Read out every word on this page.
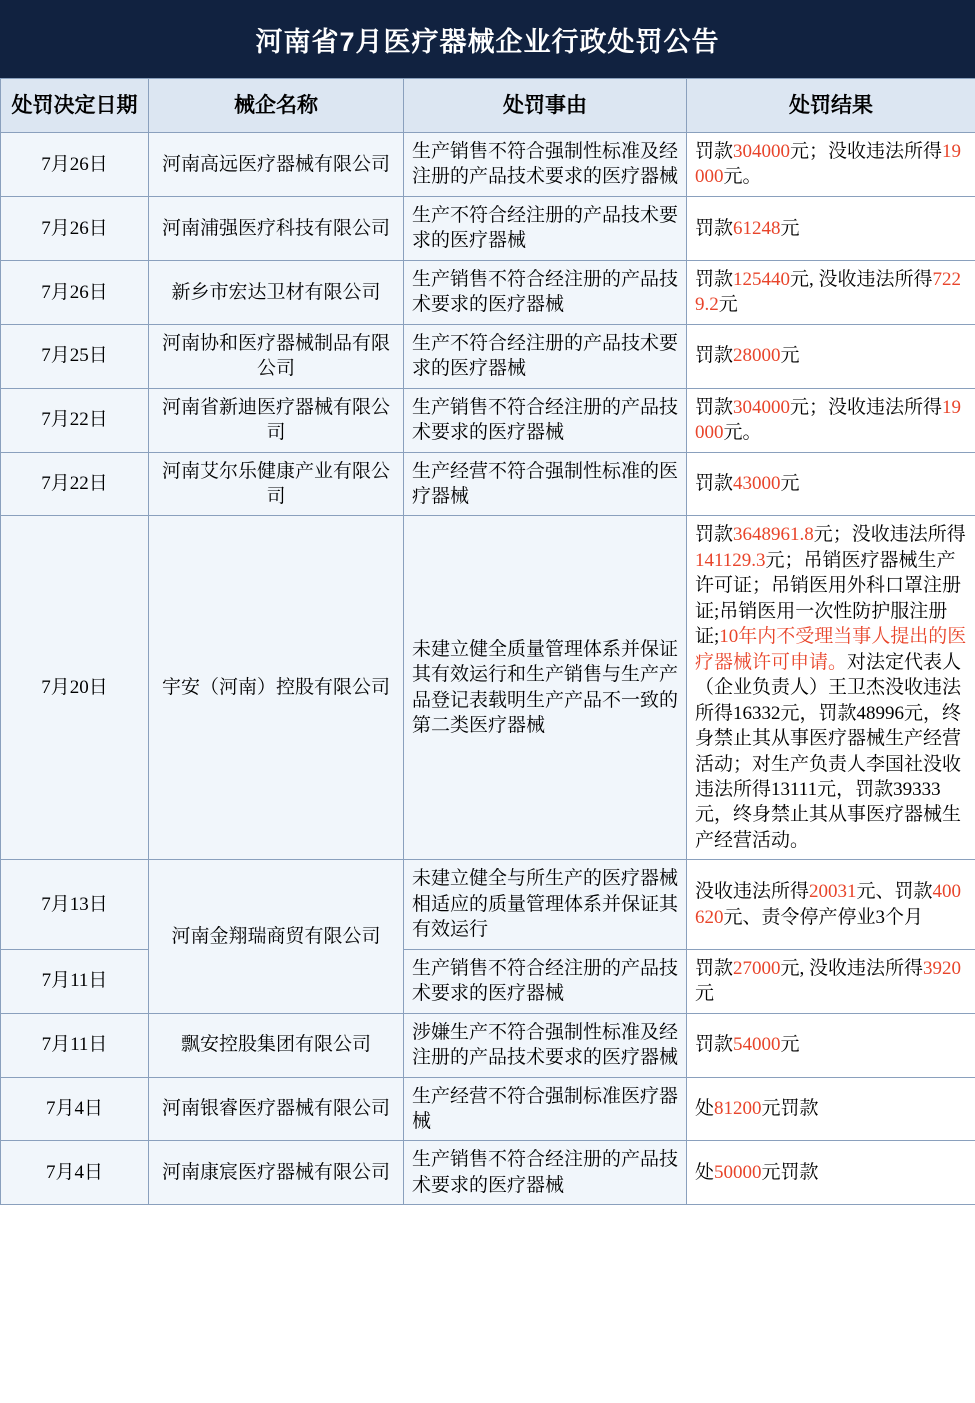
河南省7月医疗器械企业行政处罚公告
处罚决定日期	械企名称	处罚事由	处罚结果
7月26日	河南高远医疗器械有限公司	生产销售不符合强制性标准及经注册的产品技术要求的医疗器械	罚款304000元；没收违法所得19000元。
7月26日	河南浦强医疗科技有限公司	生产不符合经注册的产品技术要求的医疗器械	罚款61248元
7月26日	新乡市宏达卫材有限公司	生产销售不符合经注册的产品技术要求的医疗器械	罚款125440元, 没收违法所得7229.2元
7月25日	河南协和医疗器械制品有限公司	生产不符合经注册的产品技术要求的医疗器械	罚款28000元
7月22日	河南省新迪医疗器械有限公司	生产销售不符合经注册的产品技术要求的医疗器械	罚款304000元；没收违法所得19000元。
7月22日	河南艾尔乐健康产业有限公司	生产经营不符合强制性标准的医疗器械	罚款43000元
7月20日	宇安（河南）控股有限公司	未建立健全质量管理体系并保证其有效运行和生产销售与生产产品登记表载明生产产品不一致的第二类医疗器械	罚款3648961.8元；没收违法所得141129.3元；吊销医疗器械生产许可证；吊销医用外科口罩注册证;吊销医用一次性防护服注册证;10年内不受理当事人提出的医疗器械许可申请。对法定代表人（企业负责人）王卫杰没收违法所得16332元，罚款48996元，终身禁止其从事医疗器械生产经营活动；对生产负责人李国社没收违法所得13111元，罚款39333元，终身禁止其从事医疗器械生产经营活动。
7月13日	河南金翔瑞商贸有限公司	未建立健全与所生产的医疗器械相适应的质量管理体系并保证其有效运行	没收违法所得20031元、罚款400620元、责令停产停业3个月
7月11日		生产销售不符合经注册的产品技术要求的医疗器械	罚款27000元, 没收违法所得3920元
7月11日	飘安控股集团有限公司	涉嫌生产不符合强制性标准及经注册的产品技术要求的医疗器械	罚款54000元
7月4日	河南银睿医疗器械有限公司	生产经营不符合强制标准医疗器械	处81200元罚款
7月4日	河南康宸医疗器械有限公司	生产销售不符合经注册的产品技术要求的医疗器械	处50000元罚款
